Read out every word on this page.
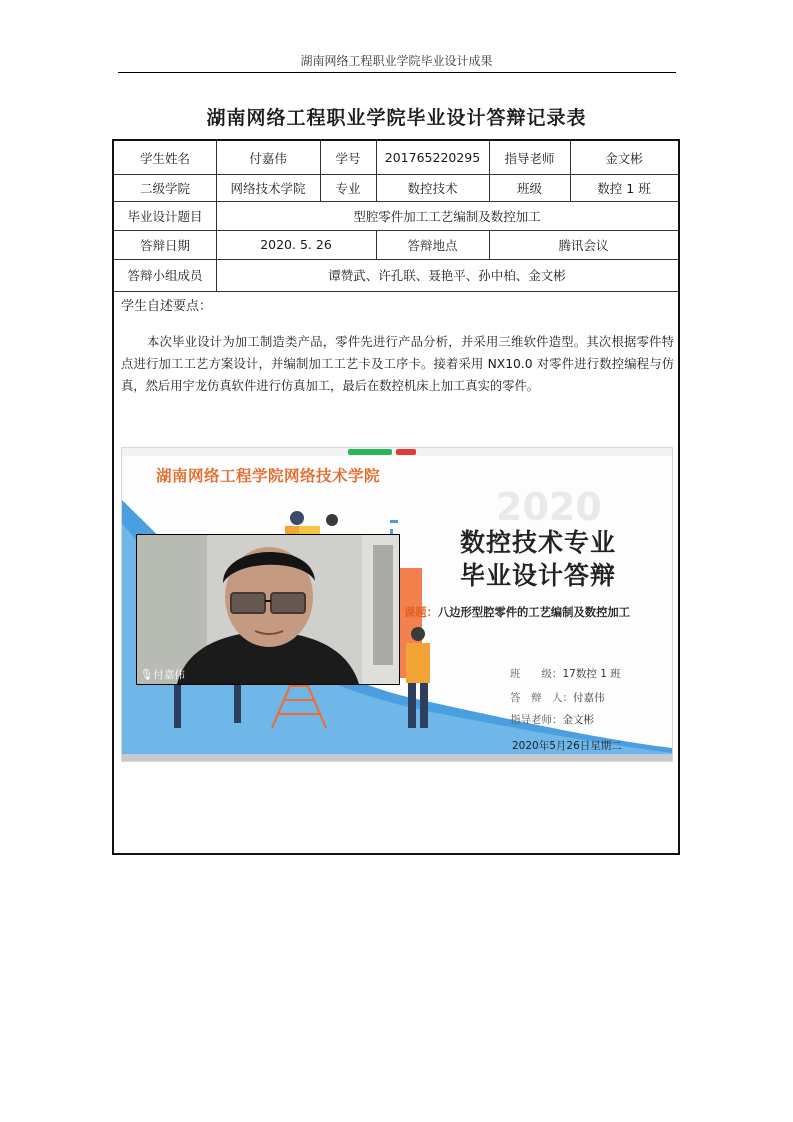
湖南网络工程职业学院毕业设计成果
湖南网络工程职业学院毕业设计答辩记录表
学生姓名	付嘉伟	学号	201765220295	指导老师	金文彬
二级学院	网络技术学院	专业	数控技术	班级	数控 1 班
毕业设计题目	型腔零件加工工艺编制及数控加工
答辩日期	2020. 5. 26	答辩地点	腾讯会议
答辩小组成员	谭赞武、许孔联、聂艳平、孙中柏、金文彬
学生自述要点：
本次毕业设计为加工制造类产品，零件先进行产品分析，并采用三维软件造型。其次根据零件特点进行加工工艺方案设计，并编制加工工艺卡及工序卡。接着采用 NX10.0 对零件进行数控编程与仿真，然后用宇龙仿真软件进行仿真加工，最后在数控机床上加工真实的零件。
2020
湖南网络工程学院网络技术学院
数控技术专业
毕业设计答辩
课题：八边形型腔零件的工艺编制及数控加工
班　　级：17数控 1 班
答　辩　人：付嘉伟
指导老师：金文彬
2020年5月26日星期二
🎙付嘉伟
